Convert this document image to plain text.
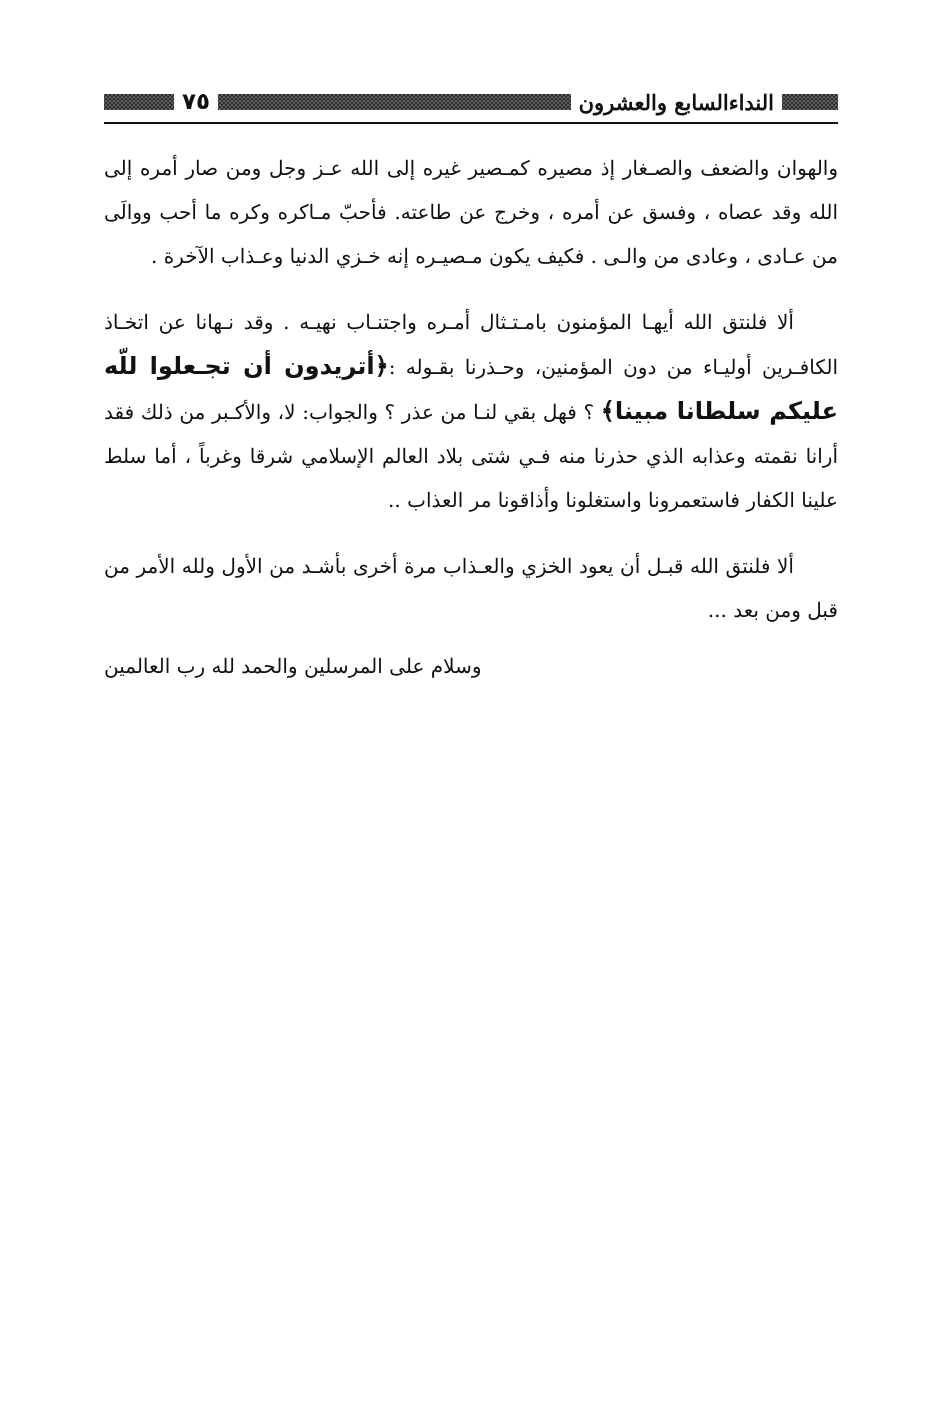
النداءالسابع والعشرون
٧٥

والهوان والضعف والصـغار إذ مصيره كمـصير غيره إلى الله عـز وجل ومن صار أمره إلى الله وقد عصاه ، وفسق عن أمره ، وخرج عن طاعته. فأحبّ مـاكره وكره ما أحب ووالَى من عـادى ، وعادى من والـى . فكيف يكون مـصيـره إنه خـزي الدنيا وعـذاب الآخرة .

ألا فلنتق الله أيهـا المؤمنون بامـتـثال أمـره واجتنـاب نهيـه . وقد نـهانا عن اتخـاذ الكافـرين أوليـاء من دون المؤمنين، وحـذرنا بقـوله :﴿أتريدون أن تجـعلوا للّه عليكم سلطانا مبينا﴾ ؟ فهل بقي لنـا من عذر ؟ والجواب: لا، والأكـبر من ذلك فقد أرانا نقمته وعذابه الذي حذرنا منه فـي شتى بلاد العالم الإسلامي شرقا وغرباً ، أما سلط علينا الكفار فاستعمرونا واستغلونا وأذاقونا مر العذاب ..

ألا فلنتق الله قبـل أن يعود الخزي والعـذاب مرة أخرى بأشـد من الأول ولله الأمر من قبل ومن بعد ...

وسلام على المرسلين والحمد لله رب العالمين
